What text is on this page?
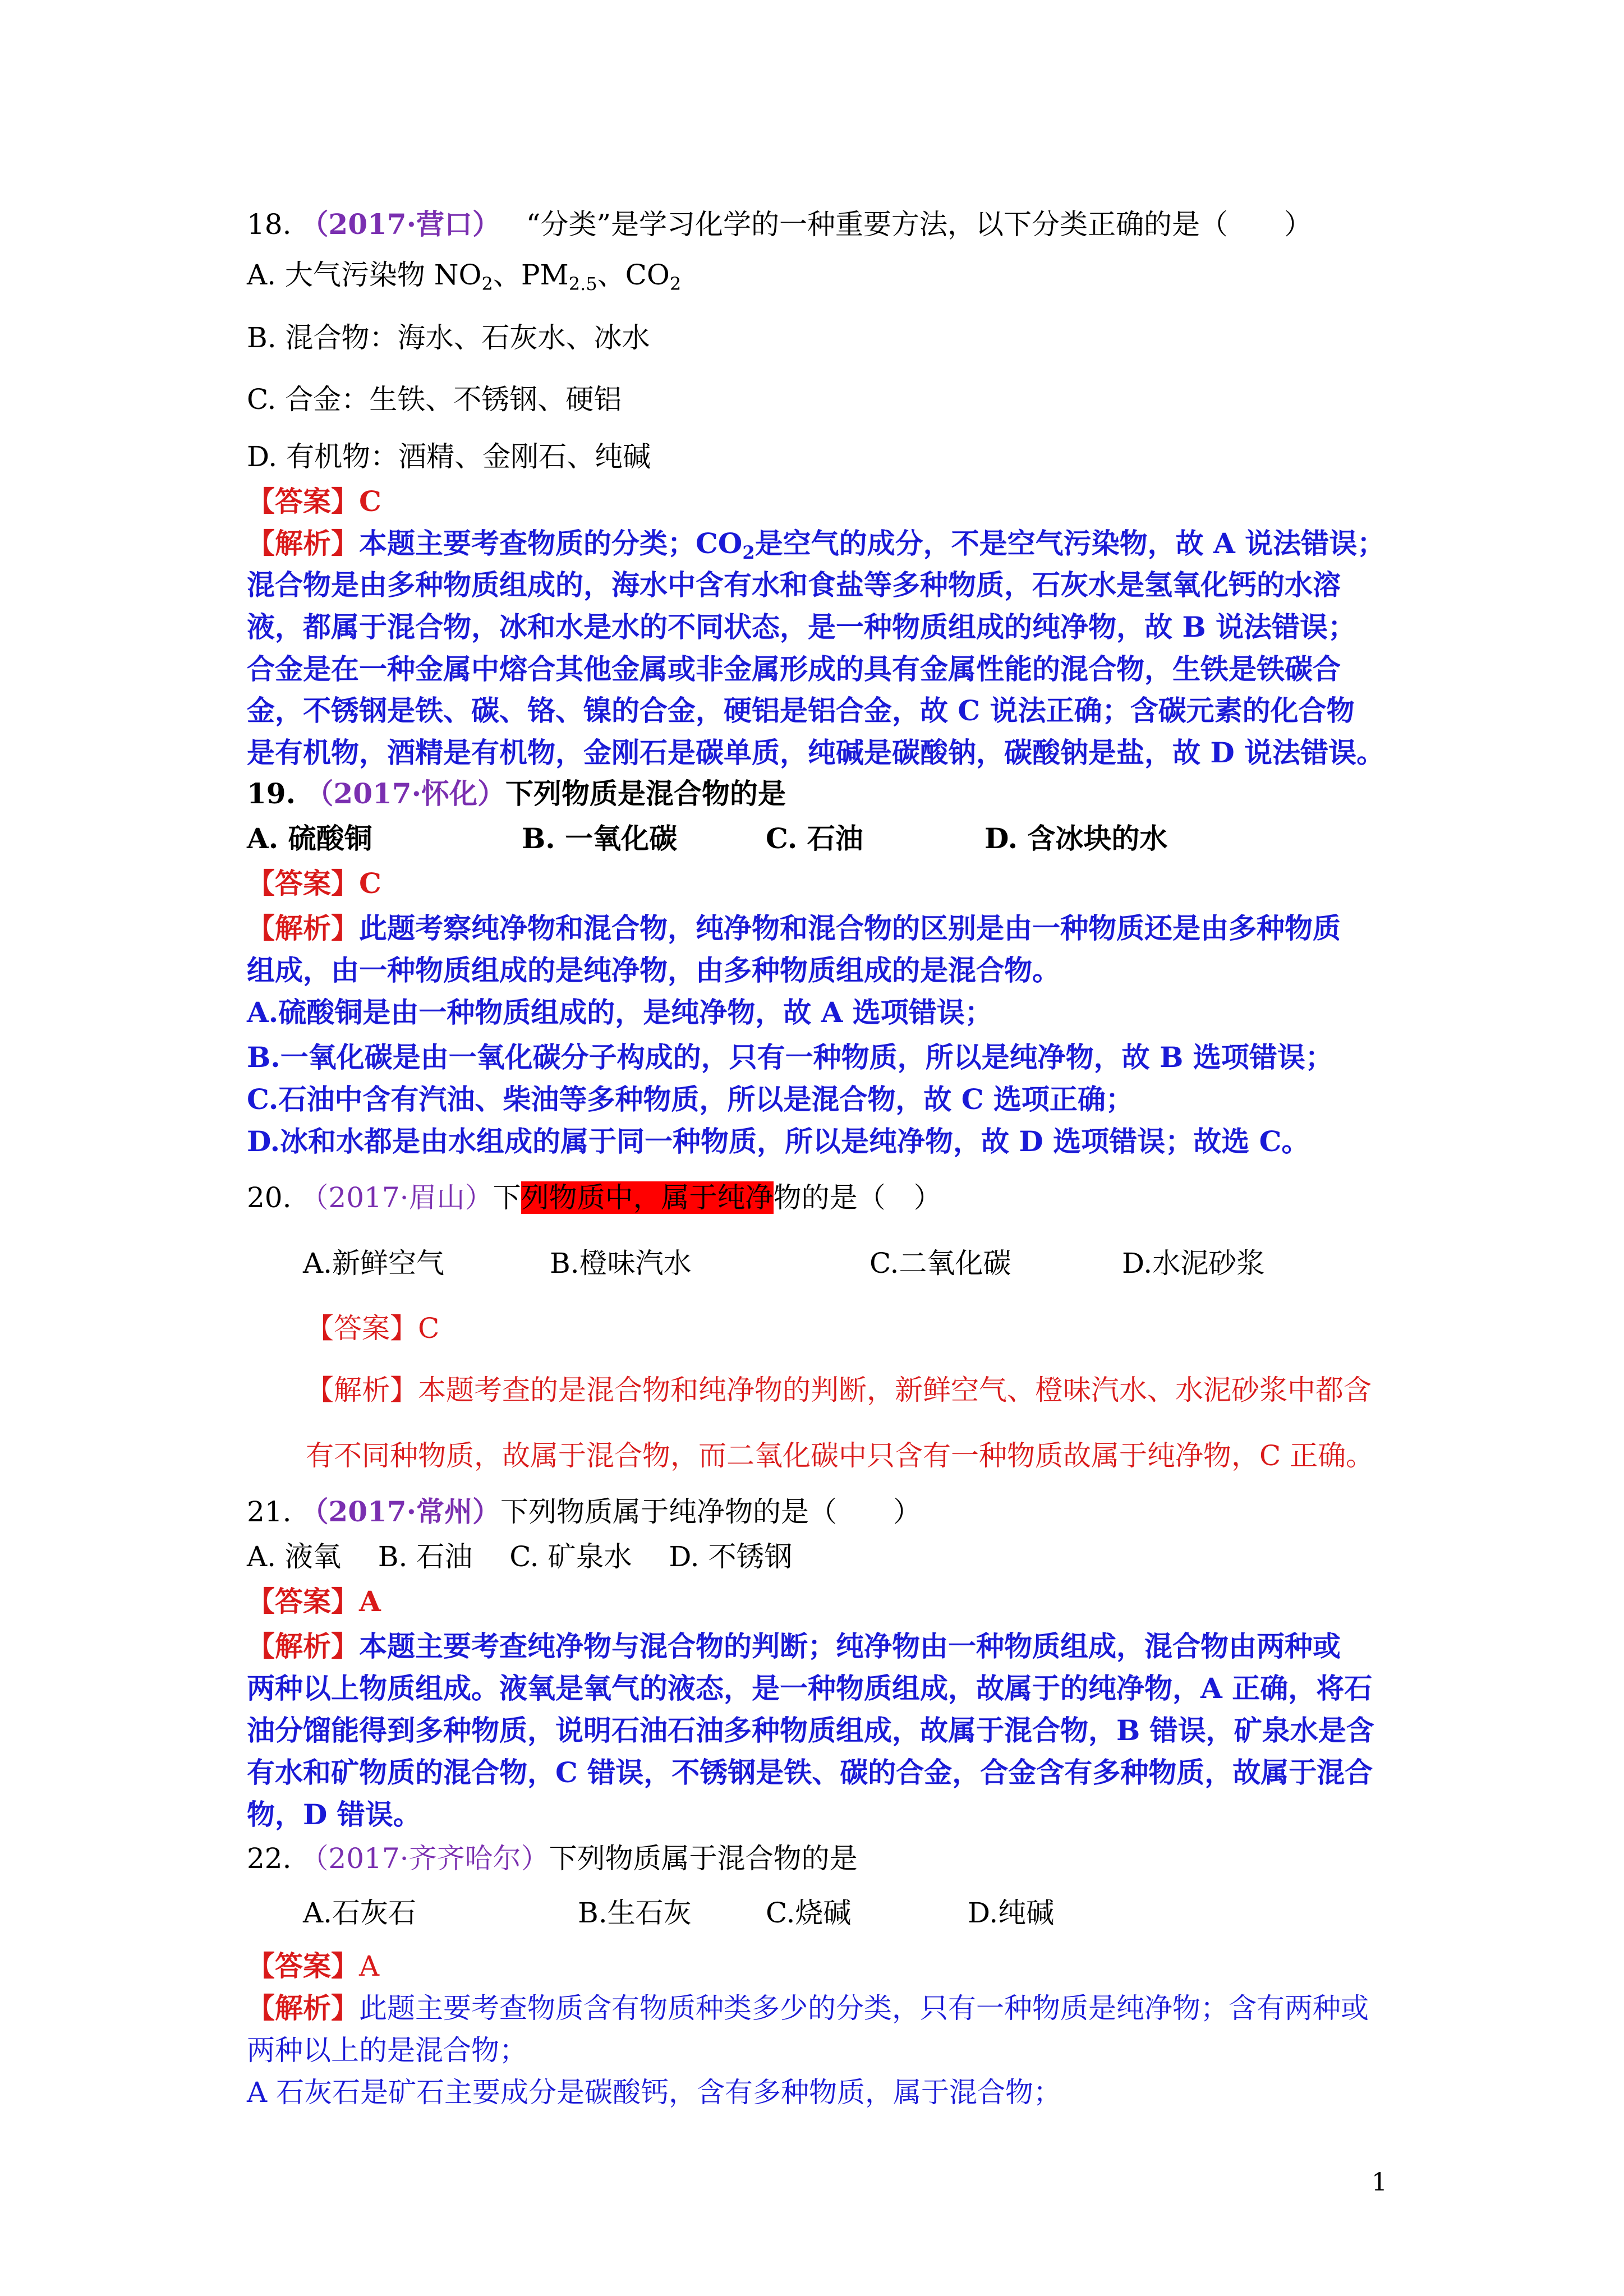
18. （2017·营口） “分类”是学习化学的一种重要方法，以下分类正确的是（　　）
A. 大气污染物 $NO_2$、$PM_{2.5}$、$CO_2$
B. 混合物：海水、石灰水、冰水
C. 合金：生铁、不锈钢、硬铝
D. 有机物：酒精、金刚石、纯碱
【答案】C
【解析】本题主要考查物质的分类；$CO_2$是空气的成分，不是空气污染物，故 A 说法错误；
混合物是由多种物质组成的，海水中含有水和食盐等多种物质，石灰水是氢氧化钙的水溶
液，都属于混合物，冰和水是水的不同状态，是一种物质组成的纯净物，故 B 说法错误；
合金是在一种金属中熔合其他金属或非金属形成的具有金属性能的混合物，生铁是铁碳合
金，不锈钢是铁、碳、铬、镍的合金，硬铝是铝合金，故 C 说法正确；含碳元素的化合物
是有机物，酒精是有机物，金刚石是碳单质，纯碱是碳酸钠，碳酸钠是盐，故 D 说法错误。
19. （2017·怀化）下列物质是混合物的是
A. 硫酸铜	B. 一氧化碳	C. 石油	D. 含冰块的水
【答案】C
【解析】此题考察纯净物和混合物，纯净物和混合物的区别是由一种物质还是由多种物质
组成，由一种物质组成的是纯净物，由多种物质组成的是混合物。
A.硫酸铜是由一种物质组成的，是纯净物，故 A 选项错误；
B.一氧化碳是由一氧化碳分子构成的，只有一种物质，所以是纯净物，故 B 选项错误；
C.石油中含有汽油、柴油等多种物质，所以是混合物，故 C 选项正确；
D.冰和水都是由水组成的属于同一种物质，所以是纯净物，故 D 选项错误；故选 C。
20. （2017·眉山）下列物质中，属于纯净物的是（　）
A.新鲜空气	B.橙味汽水	C.二氧化碳	D.水泥砂浆
【答案】C
【解析】本题考查的是混合物和纯净物的判断，新鲜空气、橙味汽水、水泥砂浆中都含
有不同种物质，故属于混合物，而二氧化碳中只含有一种物质故属于纯净物，C 正确。
21. （2017·常州）下列物质属于纯净物的是（　　）
A. 液氧　 B. 石油　 C. 矿泉水　 D. 不锈钢
【答案】A
【解析】本题主要考查纯净物与混合物的判断；纯净物由一种物质组成，混合物由两种或
两种以上物质组成。液氧是氧气的液态，是一种物质组成，故属于的纯净物，A 正确，将石
油分馏能得到多种物质，说明石油石油多种物质组成，故属于混合物，B 错误，矿泉水是含
有水和矿物质的混合物，C 错误，不锈钢是铁、碳的合金，合金含有多种物质，故属于混合
物，D 错误。
22. （2017·齐齐哈尔）下列物质属于混合物的是
A.石灰石	B.生石灰	C.烧碱	D.纯碱
【答案】A
【解析】此题主要考查物质含有物质种类多少的分类，只有一种物质是纯净物；含有两种或
两种以上的是混合物；
A 石灰石是矿石主要成分是碳酸钙，含有多种物质，属于混合物；
1
